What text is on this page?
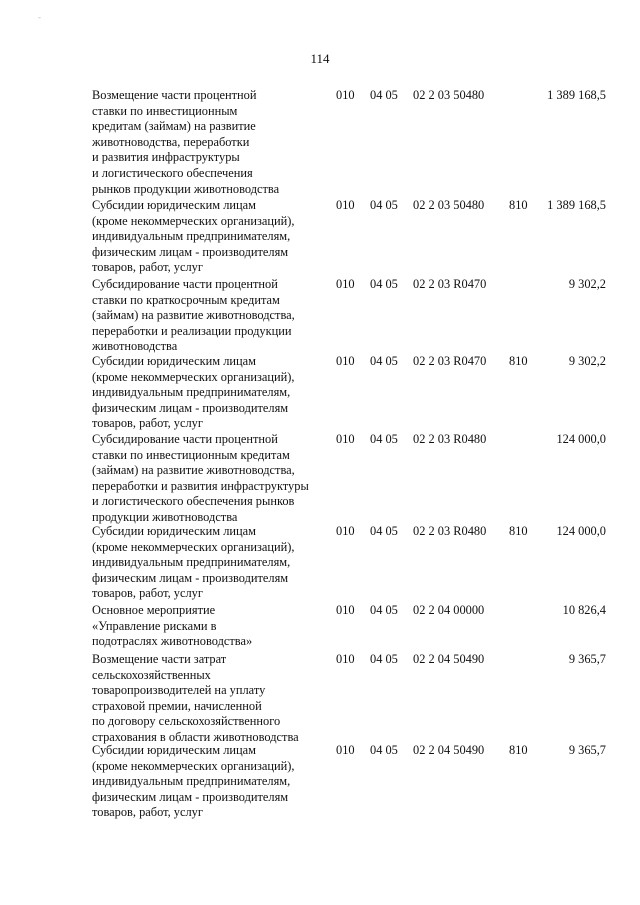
114
-
Возмещение части процентной
ставки по инвестиционным
кредитам (займам) на развитие
животноводства, переработки
и развития инфраструктуры
и логистического обеспечения
рынков продукции животноводства
010 04 05 02 2 03 50480	1 389 168,5
Субсидии юридическим лицам
(кроме некоммерческих организаций),
индивидуальным предпринимателям,
физическим лицам - производителям
товаров, работ, услуг
010 04 05 02 2 03 50480 810 1 389 168,5
Субсидирование части процентной
ставки по краткосрочным кредитам
(займам) на развитие животноводства,
переработки и реализации продукции
животноводства
010 04 05 02 2 03 R0470	9 302,2
Субсидии юридическим лицам
(кроме некоммерческих организаций),
индивидуальным предпринимателям,
физическим лицам - производителям
товаров, работ, услуг
010 04 05 02 2 03 R0470 810	9 302,2
Субсидирование части процентной
ставки по инвестиционным кредитам
(займам) на развитие животноводства,
переработки и развития инфраструктуры
и логистического обеспечения рынков
продукции животноводства
010 04 05 02 2 03 R0480	124 000,0
Субсидии юридическим лицам
(кроме некоммерческих организаций),
индивидуальным предпринимателям,
физическим лицам - производителям
товаров, работ, услуг
010 04 05 02 2 03 R0480 810 124 000,0
Основное мероприятие
«Управление рисками в
подотраслях животноводства»
010 04 05 02 2 04 00000	10 826,4
Возмещение части затрат
сельскохозяйственных
товаропроизводителей на уплату
страховой премии, начисленной
по договору сельскохозяйственного
страхования в области животноводства
010 04 05 02 2 04 50490	9 365,7
Субсидии юридическим лицам
(кроме некоммерческих организаций),
индивидуальным предпринимателям,
физическим лицам - производителям
товаров, работ, услуг
010 04 05 02 2 04 50490 810	9 365,7
